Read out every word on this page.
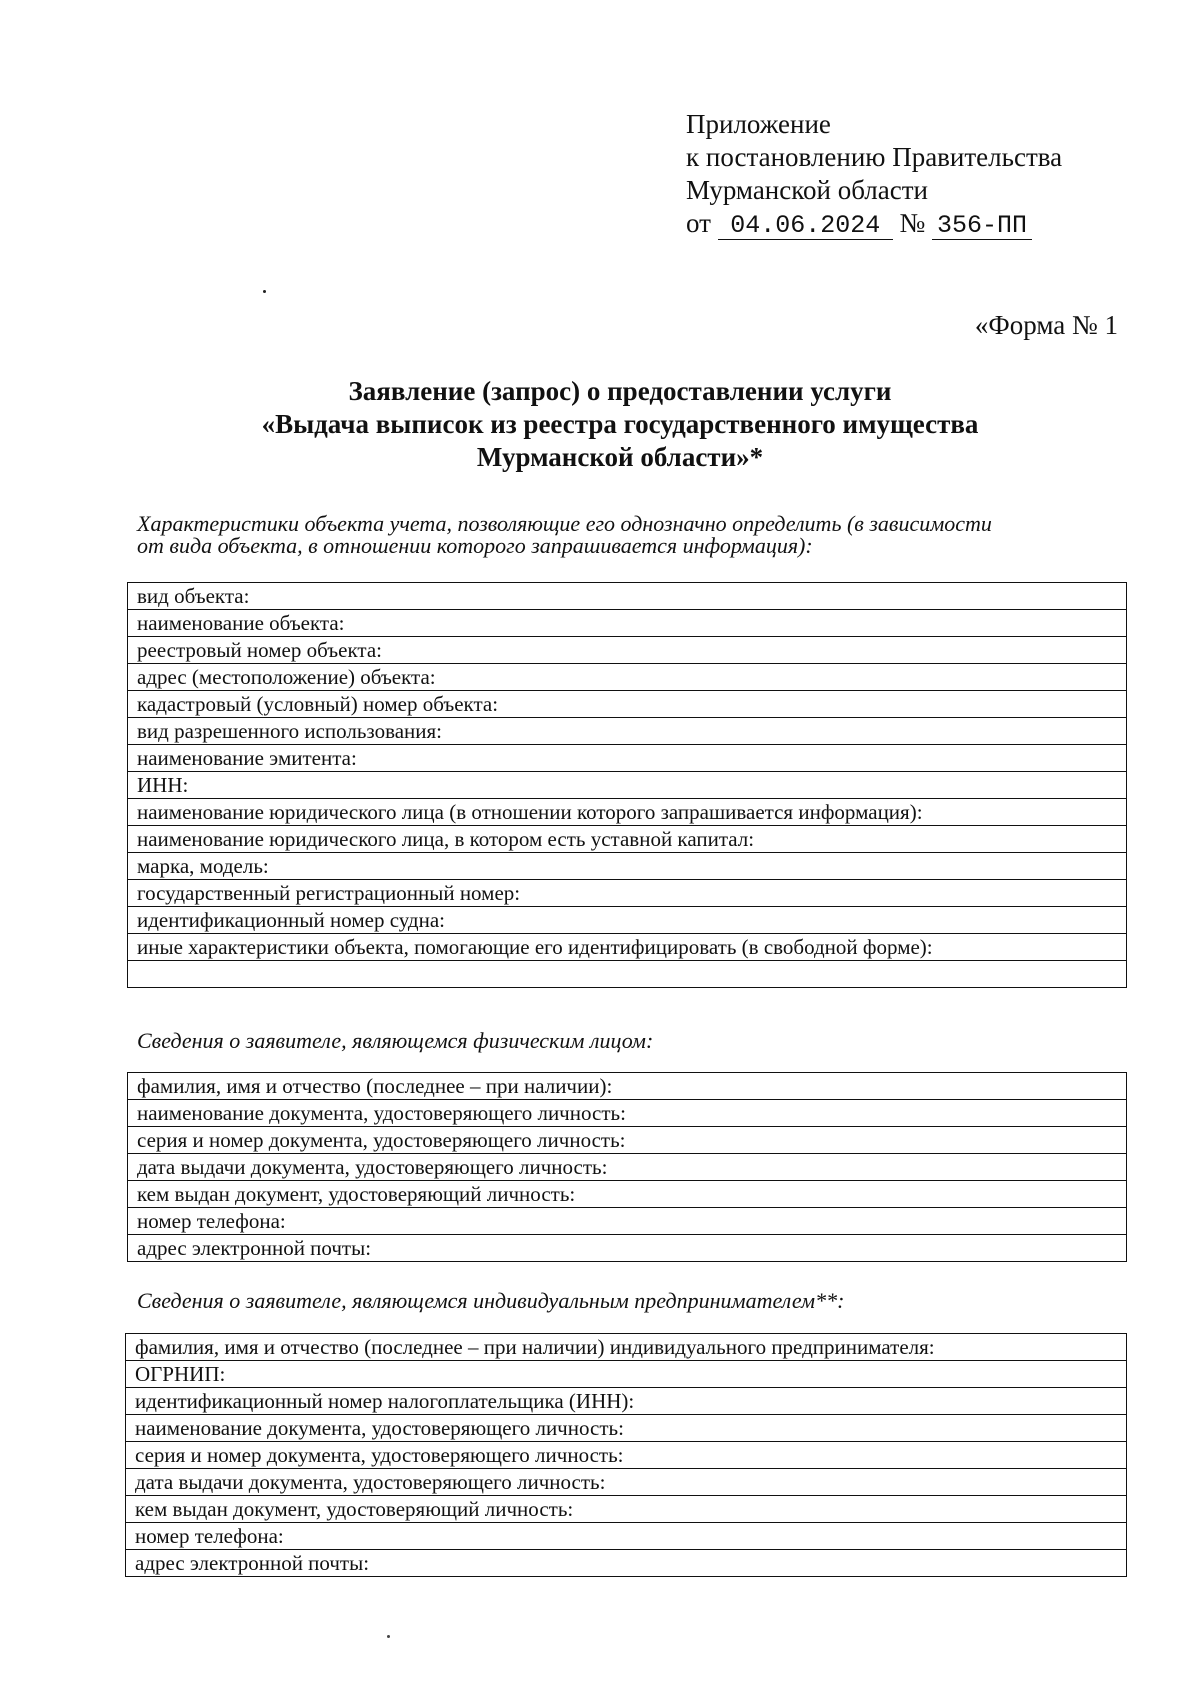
Приложение
к постановлению Правительства
Мурманской области
от 04.06.2024 № 356-ПП
«Форма № 1
Заявление (запрос) о предоставлении услуги
«Выдача выписок из реестра государственного имущества
Мурманской области»*
Характеристики объекта учета, позволяющие его однозначно определить (в зависимости
от вида объекта, в отношении которого запрашивается информация):
вид объекта:
наименование объекта:
реестровый номер объекта:
адрес (местоположение) объекта:
кадастровый (условный) номер объекта:
вид разрешенного использования:
наименование эмитента:
ИНН:
наименование юридического лица (в отношении которого запрашивается информация):
наименование юридического лица, в котором есть уставной капитал:
марка, модель:
государственный регистрационный номер:
идентификационный номер судна:
иные характеристики объекта, помогающие его идентифицировать (в свободной форме):

Сведения о заявителе, являющемся физическим лицом:
фамилия, имя и отчество (последнее – при наличии):
наименование документа, удостоверяющего личность:
серия и номер документа, удостоверяющего личность:
дата выдачи документа, удостоверяющего личность:
кем выдан документ, удостоверяющий личность:
номер телефона:
адрес электронной почты:
Сведения о заявителе, являющемся индивидуальным предпринимателем**:
фамилия, имя и отчество (последнее – при наличии) индивидуального предпринимателя:
ОГРНИП:
идентификационный номер налогоплательщика (ИНН):
наименование документа, удостоверяющего личность:
серия и номер документа, удостоверяющего личность:
дата выдачи документа, удостоверяющего личность:
кем выдан документ, удостоверяющий личность:
номер телефона:
адрес электронной почты:
